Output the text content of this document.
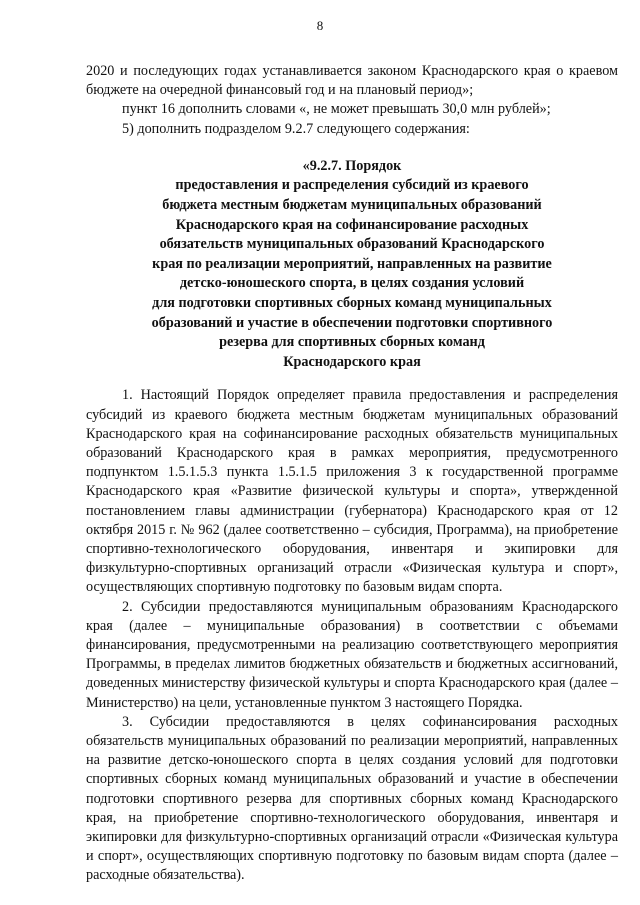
8

2020 и последующих годах устанавливается законом Краснодарского края о краевом бюджете на очередной финансовый год и на плановый период»;

пункт 16 дополнить словами «, не может превышать 30,0 млн рублей»;

5) дополнить подразделом 9.2.7 следующего содержания:

«9.2.7. Порядок
предоставления и распределения субсидий из краевого
бюджета местным бюджетам муниципальных образований
Краснодарского края на софинансирование расходных
обязательств муниципальных образований Краснодарского
края по реализации мероприятий, направленных на развитие
детско-юношеского спорта, в целях создания условий
для подготовки спортивных сборных команд муниципальных
образований и участие в обеспечении подготовки спортивного
резерва для спортивных сборных команд
Краснодарского края

1. Настоящий Порядок определяет правила предоставления и распределения субсидий из краевого бюджета местным бюджетам муниципальных образований Краснодарского края на софинансирование расходных обязательств муниципальных образований Краснодарского края в рамках мероприятия, предусмотренного подпунктом 1.5.1.5.3 пункта 1.5.1.5 приложения 3 к государственной программе Краснодарского края «Развитие физической культуры и спорта», утвержденной постановлением главы администрации (губернатора) Краснодарского края от 12 октября 2015 г. № 962 (далее соответственно – субсидия, Программа), на приобретение спортивно-технологического оборудования, инвентаря и экипировки для физкультурно-спортивных организаций отрасли «Физическая культура и спорт», осуществляющих спортивную подготовку по базовым видам спорта.

2. Субсидии предоставляются муниципальным образованиям Краснодарского края (далее – муниципальные образования) в соответствии с объемами финансирования, предусмотренными на реализацию соответствующего мероприятия Программы, в пределах лимитов бюджетных обязательств и бюджетных ассигнований, доведенных министерству физической культуры и спорта Краснодарского края (далее – Министерство) на цели, установленные пунктом 3 настоящего Порядка.

3. Субсидии предоставляются в целях софинансирования расходных обязательств муниципальных образований по реализации мероприятий, направленных на развитие детско-юношеского спорта в целях создания условий для подготовки спортивных сборных команд муниципальных образований и участие в обеспечении подготовки спортивного резерва для спортивных сборных команд Краснодарского края, на приобретение спортивно-технологического оборудования, инвентаря и экипировки для физкультурно-спортивных организаций отрасли «Физическая культура и спорт», осуществляющих спортивную подготовку по базовым видам спорта (далее – расходные обязательства).
